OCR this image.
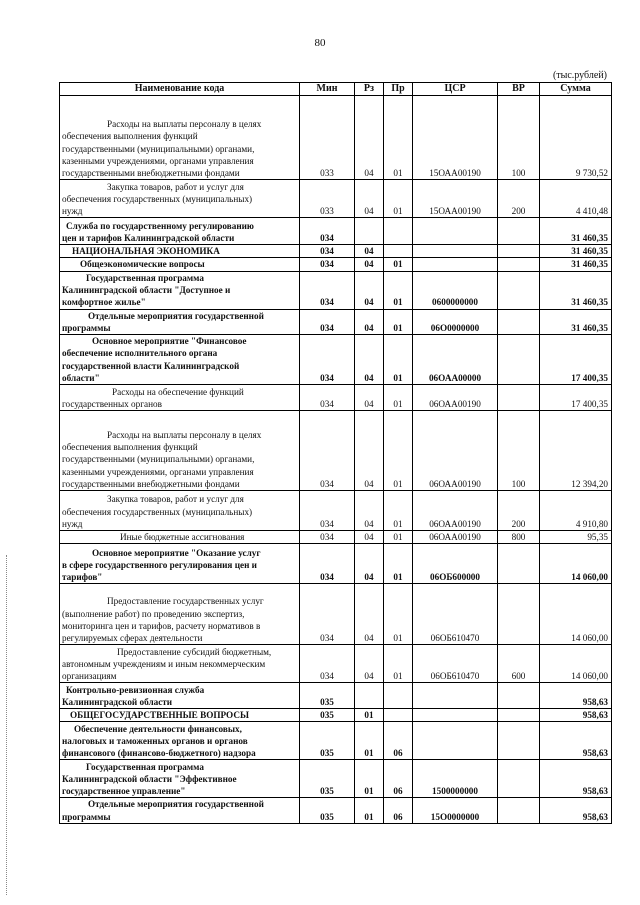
80
(тыс.рублей)
Наименование кода	Мин	Рз	Пр	ЦСР	ВР	Сумма

Расходы на выплаты персоналу в целях
обеспечения выполнения функций
государственными (муниципальными) органами,
казенными учреждениями, органами управления
государственными внебюджетными фондами	033	04	01	15ОАА00190	100	9 730,52

Закупка товаров, работ и услуг для
обеспечения государственных (муниципальных)
нужд	033	04	01	15ОАА00190	200	4 410,48

Служба по государственному регулированию
цен и тарифов Калининградской области	034					31 460,35

НАЦИОНАЛЬНАЯ ЭКОНОМИКА	034	04				31 460,35

Общеэкономические вопросы	034	04	01			31 460,35

Государственная программа
Калининградской области "Доступное и
комфортное жилье"	034	04	01	0600000000		31 460,35

Отдельные мероприятия государственной
программы	034	04	01	06О0000000		31 460,35

Основное мероприятие "Финансовое
обеспечение исполнительного органа
государственной власти Калининградской
области"	034	04	01	06ОАА00000		17 400,35

Расходы на обеспечение функций
государственных органов	034	04	01	06ОАА00190		17 400,35

Расходы на выплаты персоналу в целях
обеспечения выполнения функций
государственными (муниципальными) органами,
казенными учреждениями, органами управления
государственными внебюджетными фондами	034	04	01	06ОАА00190	100	12 394,20

Закупка товаров, работ и услуг для
обеспечения государственных (муниципальных)
нужд	034	04	01	06ОАА00190	200	4 910,80

Иные бюджетные ассигнования	034	04	01	06ОАА00190	800	95,35

Основное мероприятие "Оказание услуг
в сфере государственного регулирования цен и
тарифов"	034	04	01	06ОБ600000		14 060,00

Предоставление государственных услуг
(выполнение работ) по проведению экспертиз,
мониторинга цен и тарифов, расчету нормативов в
регулируемых сферах деятельности	034	04	01	06ОБ610470		14 060,00

Предоставление субсидий бюджетным,
автономным учреждениям и иным некоммерческим
организациям	034	04	01	06ОБ610470	600	14 060,00

Контрольно-ревизионная служба
Калининградской области	035					958,63

ОБЩЕГОСУДАРСТВЕННЫЕ ВОПРОСЫ	035	01				958,63

Обеспечение деятельности финансовых,
налоговых и таможенных органов и органов
финансового (финансово-бюджетного) надзора	035	01	06			958,63

Государственная программа
Калининградской области "Эффективное
государственное управление"	035	01	06	1500000000		958,63

Отдельные мероприятия государственной
программы	035	01	06	15О0000000		958,63
